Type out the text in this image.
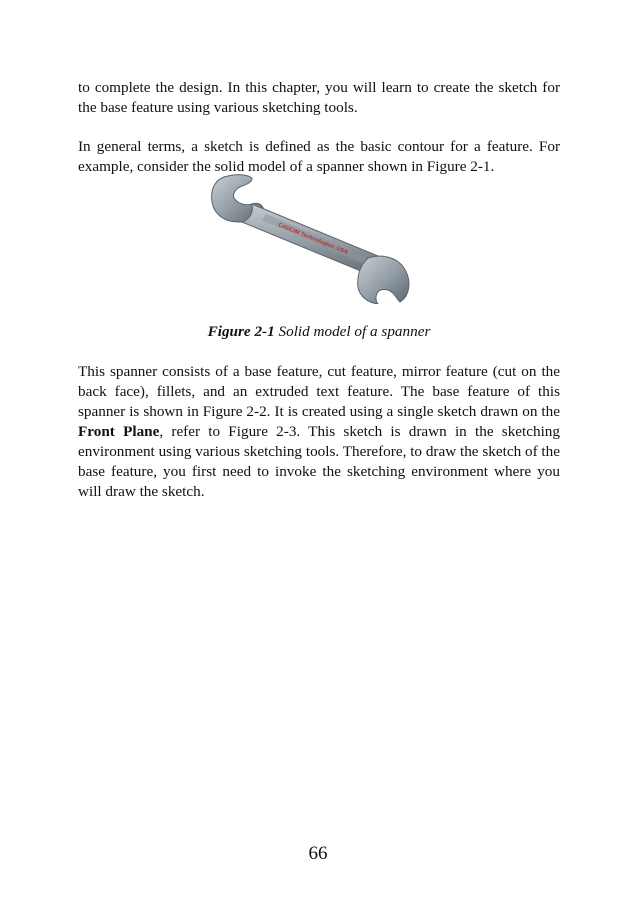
to complete the design. In this chapter, you will learn to create the sketch for the base feature using various sketching tools.

In general terms, a sketch is defined as the basic contour for a feature. For example, consider the solid model of a spanner shown in Figure 2-1.

CADCIM Technologies, USA
Figure 2-1 Solid model of a spanner

This spanner consists of a base feature, cut feature, mirror feature (cut on the back face), fillets, and an extruded text feature. The base feature of this spanner is shown in Figure 2-2. It is created using a single sketch drawn on the Front Plane, refer to Figure 2-3. This sketch is drawn in the sketching environment using various sketching tools. Therefore, to draw the sketch of the base feature, you first need to invoke the sketching environment where you will draw the sketch.

66
